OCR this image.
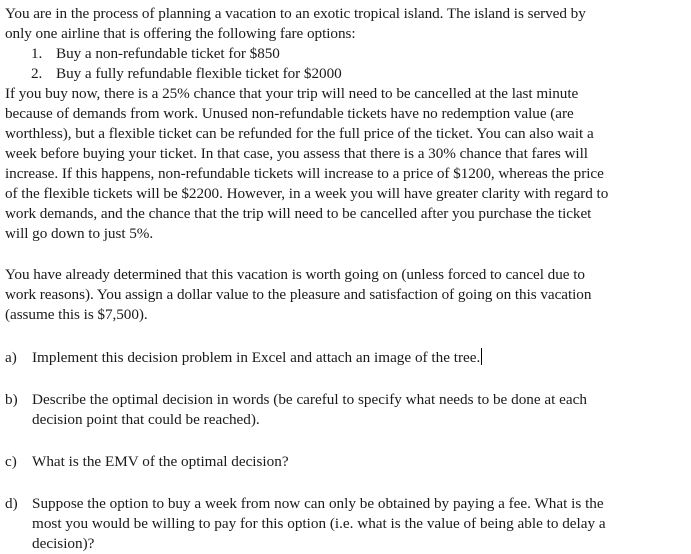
You are in the process of planning a vacation to an exotic tropical island. The island is served by
only one airline that is offering the following fare options:
1. Buy a non-refundable ticket for $850
2. Buy a fully refundable flexible ticket for $2000
If you buy now, there is a 25% chance that your trip will need to be cancelled at the last minute
because of demands from work. Unused non-refundable tickets have no redemption value (are
worthless), but a flexible ticket can be refunded for the full price of the ticket. You can also wait a
week before buying your ticket. In that case, you assess that there is a 30% chance that fares will
increase. If this happens, non-refundable tickets will increase to a price of $1200, whereas the price
of the flexible tickets will be $2200. However, in a week you will have greater clarity with regard to
work demands, and the chance that the trip will need to be cancelled after you purchase the ticket
will go down to just 5%.
You have already determined that this vacation is worth going on (unless forced to cancel due to
work reasons). You assign a dollar value to the pleasure and satisfaction of going on this vacation
(assume this is $7,500).
a) Implement this decision problem in Excel and attach an image of the tree.
b) Describe the optimal decision in words (be careful to specify what needs to be done at each
decision point that could be reached).
c) What is the EMV of the optimal decision?
d) Suppose the option to buy a week from now can only be obtained by paying a fee. What is the
most you would be willing to pay for this option (i.e. what is the value of being able to delay a
decision)?
